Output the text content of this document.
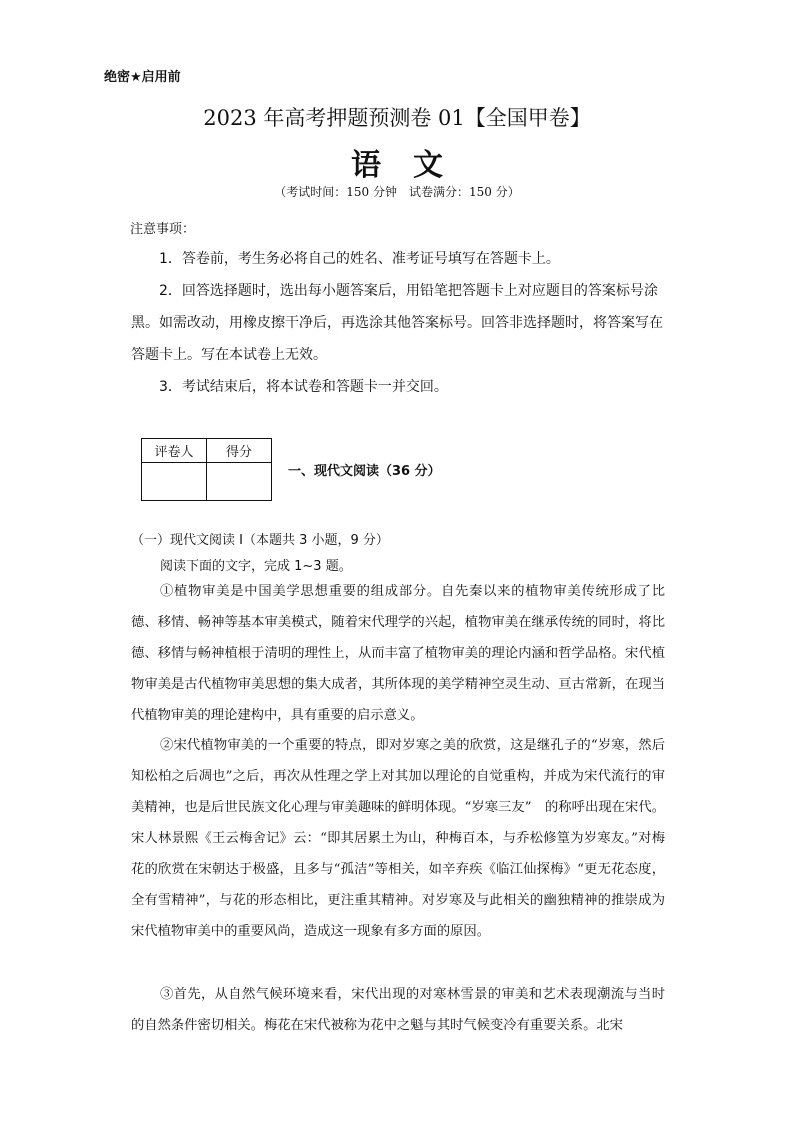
绝密★启用前
2023 年高考押题预测卷 01【全国甲卷】
语文
（考试时间：150 分钟　试卷满分：150 分）
注意事项：
1．答卷前，考生务必将自己的姓名、准考证号填写在答题卡上。
2．回答选择题时，选出每小题答案后，用铅笔把答题卡上对应题目的答案标号涂黑。如需改动，用橡皮擦干净后，再选涂其他答案标号。回答非选择题时，将答案写在答题卡上。写在本试卷上无效。
3．考试结束后，将本试卷和答题卡一并交回。
评卷人	得分

一、现代文阅读（36 分）
（一）现代文阅读 I（本题共 3 小题，9 分）
阅读下面的文字，完成 1~3 题。
①植物审美是中国美学思想重要的组成部分。自先秦以来的植物审美传统形成了比德、移情、畅神等基本审美模式，随着宋代理学的兴起，植物审美在继承传统的同时，将比德、移情与畅神植根于清明的理性上，从而丰富了植物审美的理论内涵和哲学品格。宋代植物审美是古代植物审美思想的集大成者，其所体现的美学精神空灵生动、亘古常新，在现当代植物审美的理论建构中，具有重要的启示意义。
②宋代植物审美的一个重要的特点，即对岁寒之美的欣赏，这是继孔子的“岁寒，然后知松柏之后凋也”之后，再次从性理之学上对其加以理论的自觉重构，并成为宋代流行的审美精神，也是后世民族文化心理与审美趣味的鲜明体现。“岁寒三友”　的称呼出现在宋代。宋人林景熙《王云梅舍记》云：“即其居累土为山，种梅百本，与乔松修篁为岁寒友。”对梅花的欣赏在宋朝达于极盛，且多与“孤洁”等相关，如辛弃疾《临江仙探梅》“更无花态度，全有雪精神”，与花的形态相比，更注重其精神。对岁寒及与此相关的幽独精神的推崇成为宋代植物审美中的重要风尚，造成这一现象有多方面的原因。
③首先，从自然气候环境来看，宋代出现的对寒林雪景的审美和艺术表现潮流与当时的自然条件密切相关。梅花在宋代被称为花中之魁与其时气候变冷有重要关系。北宋
